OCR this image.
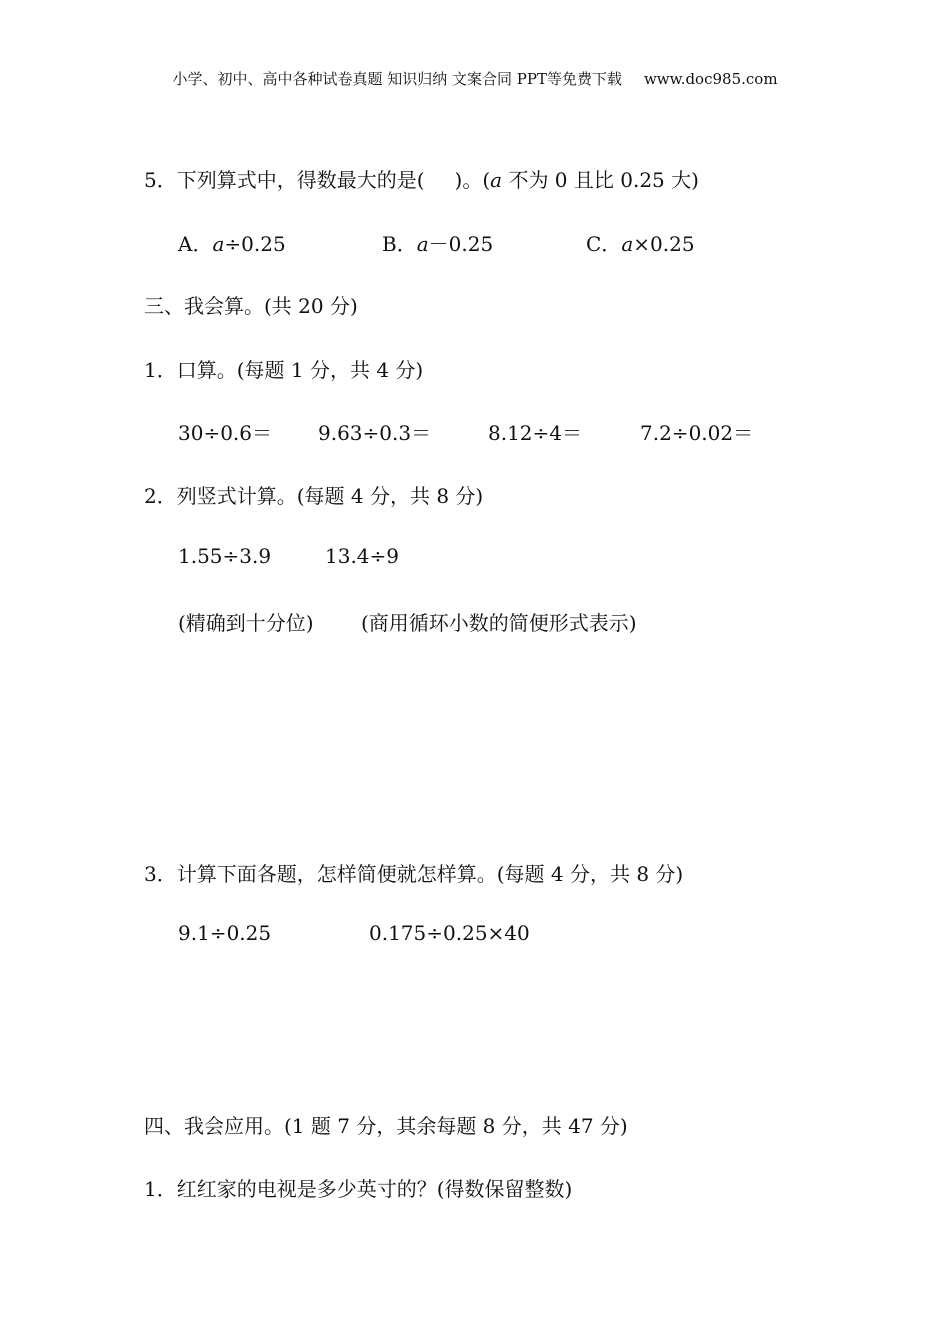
小学、初中、高中各种试卷真题 知识归纳 文案合同 PPT等免费下载 www.doc985.com
5．下列算式中，得数最大的是( )。(a 不为 0 且比 0.25 大)
A．a÷0.25	B．a－0.25	C．a×0.25
三、我会算。(共 20 分)
1．口算。(每题 1 分，共 4 分)
30÷0.6＝ 9.63÷0.3＝	8.12÷4＝	7.2÷0.02＝
2．列竖式计算。(每题 4 分，共 8 分)
1.55÷3.9	13.4÷9
(精确到十分位) (商用循环小数的简便形式表示)
3．计算下面各题，怎样简便就怎样算。(每题 4 分，共 8 分)
9.1÷0.25	0.175÷0.25×40
四、我会应用。(1 题 7 分，其余每题 8 分，共 47 分)
1．红红家的电视是多少英寸的？(得数保留整数)
